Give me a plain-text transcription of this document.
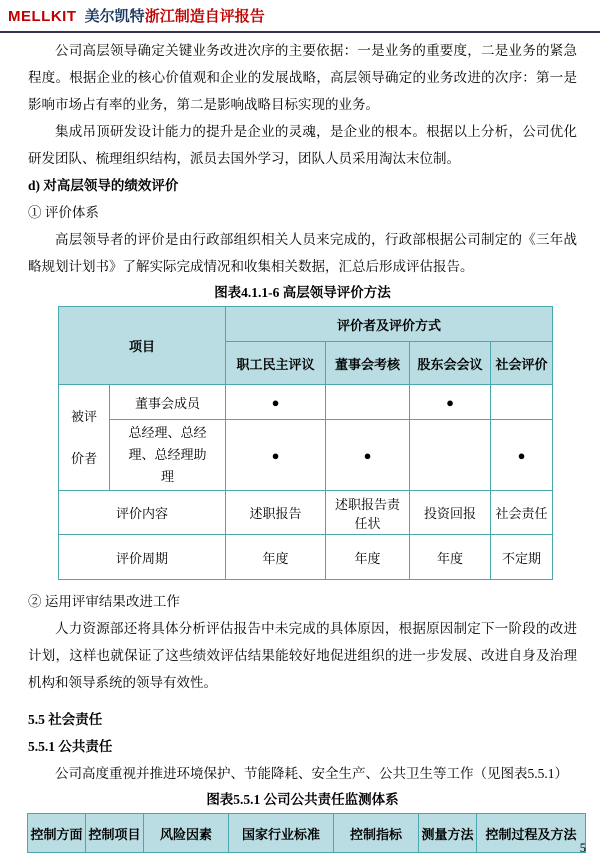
MELLKIT 美尔凯特浙江制造自评报告

公司高层领导确定关键业务改进次序的主要依据：一是业务的重要度，二是业务的紧急程度。根据企业的核心价值观和企业的发展战略，高层领导确定的业务改进的次序：第一是影响市场占有率的业务，第二是影响战略目标实现的业务。

集成吊顶研发设计能力的提升是企业的灵魂，是企业的根本。根据以上分析，公司优化研发团队、梳理组织结构，派员去国外学习，团队人员采用淘汰末位制。

d) 对高层领导的绩效评价

① 评价体系

高层领导者的评价是由行政部组织相关人员来完成的，行政部根据公司制定的《三年战略规划计划书》了解实际完成情况和收集相关数据，汇总后形成评估报告。

图表4.1.1-6 高层领导评价方法

项目		评价者及评价方式			
		职工民主评议	董事会考核	股东会会议	社会评价

被评价者	董事会成员	●		●	
	总经理、总经理、总经理助理	●	●		●
评价内容		述职报告	述职报告责任状	投资回报	社会责任
评价周期		年度	年度	年度	不定期

② 运用评审结果改进工作

人力资源部还将具体分析评估报告中未完成的具体原因，根据原因制定下一阶段的改进计划，这样也就保证了这些绩效评估结果能较好地促进组织的进一步发展、改进自身及治理机构和领导系统的领导有效性。

5.5 社会责任

5.5.1 公共责任

公司高度重视并推进环境保护、节能降耗、安全生产、公共卫生等工作（见图表5.5.1）

图表5.5.1 公司公共责任监测体系

控制方面	控制项目	风险因素	国家行业标准	控制指标	测量方法	控制过程及方法
5
